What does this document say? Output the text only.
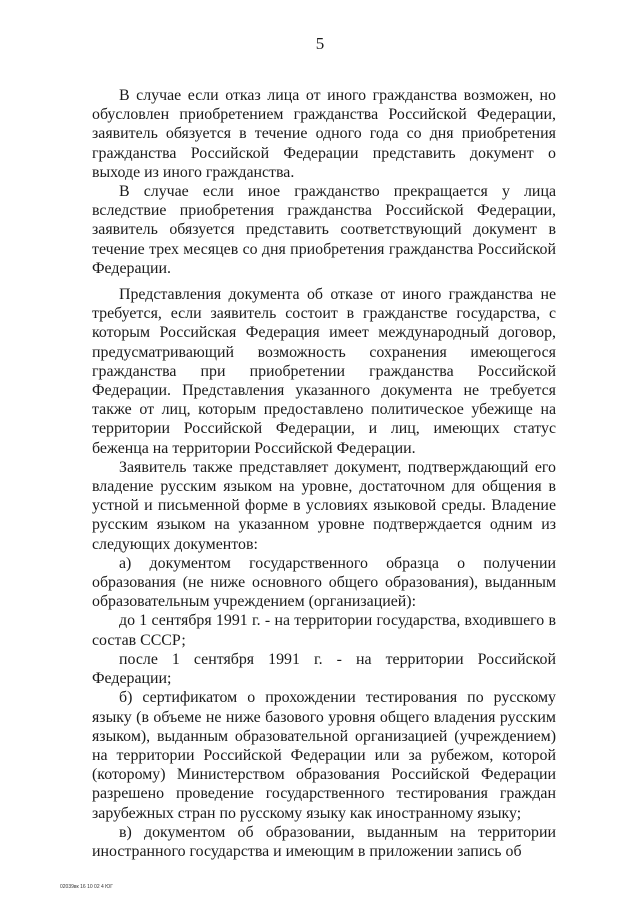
5

В случае если отказ лица от иного гражданства возможен, но обусловлен приобретением гражданства Российской Федерации, заявитель обязуется в течение одного года со дня приобретения гражданства Российской Федерации представить документ о выходе из иного гражданства.

В случае если иное гражданство прекращается у лица вследствие приобретения гражданства Российской Федерации, заявитель обязуется представить соответствующий документ в течение трех месяцев со дня приобретения гражданства Российской Федерации.

Представления документа об отказе от иного гражданства не требуется, если заявитель состоит в гражданстве государства, с которым Российская Федерация имеет международный договор, предусматривающий возможность сохранения имеющегося гражданства при приобретении гражданства Российской Федерации. Представления указанного документа не требуется также от лиц, которым предоставлено политическое убежище на территории Российской Федерации, и лиц, имеющих статус беженца на территории Российской Федерации.

Заявитель также представляет документ, подтверждающий его владение русским языком на уровне, достаточном для общения в устной и письменной форме в условиях языковой среды. Владение русским языком на указанном уровне подтверждается одним из следующих документов:

а) документом государственного образца о получении образования (не ниже основного общего образования), выданным образовательным учреждением (организацией):

до 1 сентября 1991 г. - на территории государства, входившего в состав СССР;

после 1 сентября 1991 г. - на территории Российской Федерации;

б) сертификатом о прохождении тестирования по русскому языку (в объеме не ниже базового уровня общего владения русским языком), выданным образовательной организацией (учреждением) на территории Российской Федерации или за рубежом, которой (которому) Министерством образования Российской Федерации разрешено проведение государственного тестирования граждан зарубежных стран по русскому языку как иностранному языку;

в) документом об образовании, выданным на территории иностранного государства и имеющим в приложении запись об

02039вк 16 10 02 4 ЮГ
